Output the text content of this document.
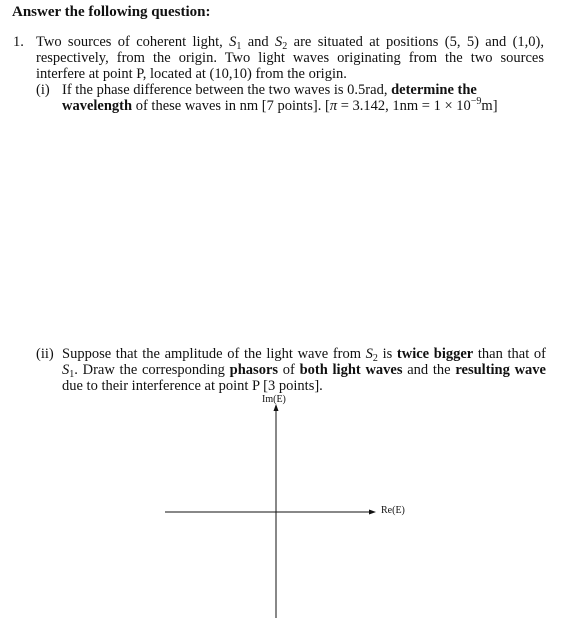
Answer the following question:
1. Two sources of coherent light, $S_1$ and $S_2$ are situated at positions (5, 5) and (1,0), respectively, from the origin. Two light waves originating from the two sources interfere at point P, located at (10,10) from the origin.
(i) If the phase difference between the two waves is 0.5rad, determine the wavelength of these waves in nm [7 points]. [π = 3.142, $1nm = 1 \times 10^{-9}m$]
(ii) Suppose that the amplitude of the light wave from $S_2$ is twice bigger than that of $S_1$. Draw the corresponding phasors of both light waves and the resulting wave due to their interference at point P [3 points].
Im(E)
Re(E)
